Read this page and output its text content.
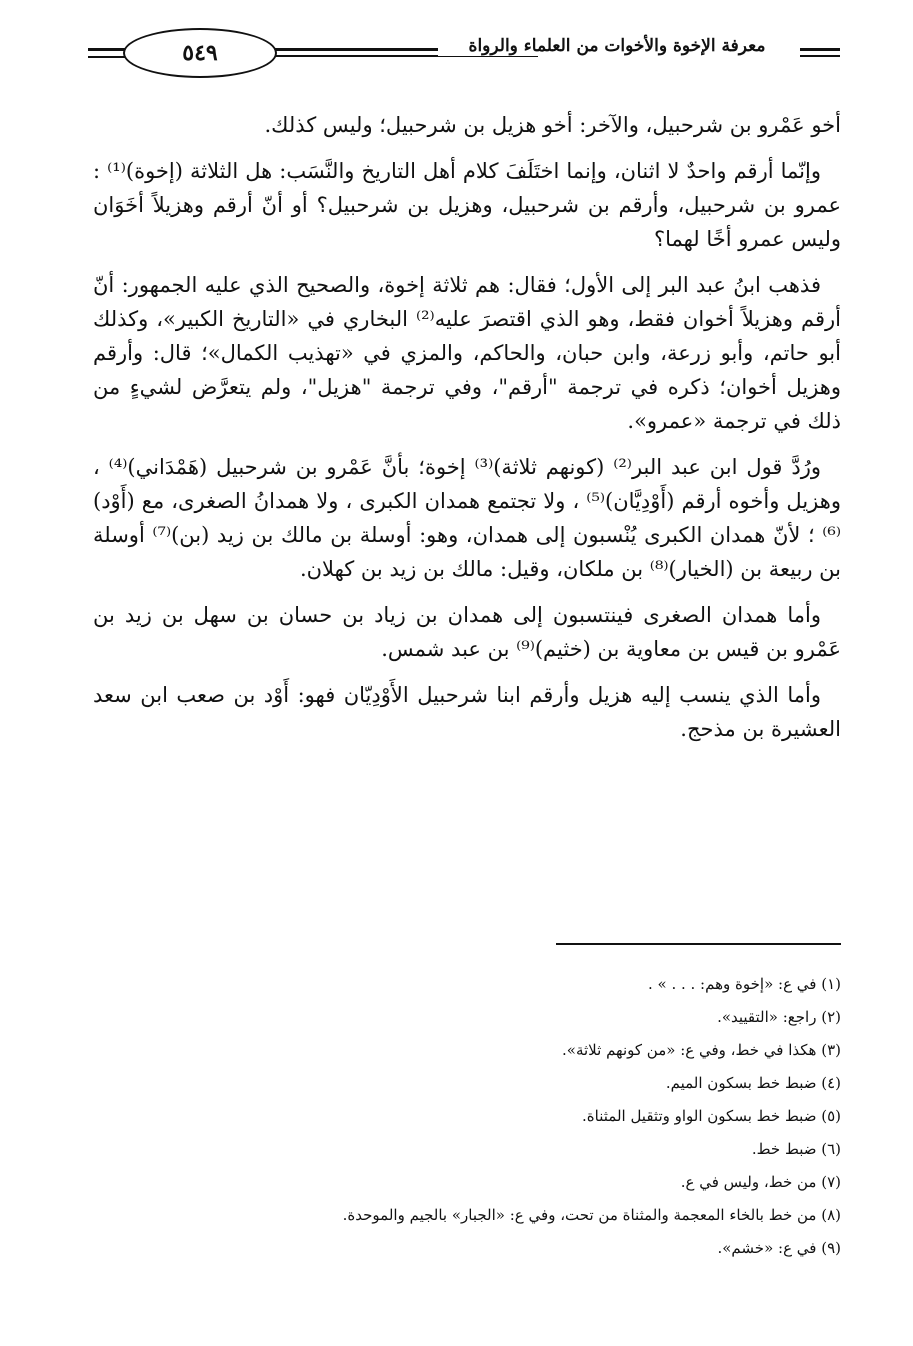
٥٤٩	معرفة الإخوة والأخوات من العلماء والرواة

أخو عَمْرو بن شرحبيل، والآخر: أخو هزيل بن شرحبيل؛ وليس كذلك.

وإنّما أرقم واحدٌ لا اثنان، وإنما اختَلَفَ كلام أهل التاريخ والنَّسَب: هل الثلاثة (إخوة)⁽¹⁾ : عمرو بن شرحبيل، وأرقم بن شرحبيل، وهزيل بن شرحبيل؟ أو أنّ أرقم وهزيلاً أخَوَان وليس عمرو أخًا لهما؟

فذهب ابنُ عبد البر إلى الأول؛ فقال: هم ثلاثة إخوة، والصحيح الذي عليه الجمهور: أنّ أرقم وهزيلاً أخوان فقط، وهو الذي اقتصرَ عليه⁽²⁾ البخاري في «التاريخ الكبير»، وكذلك أبو حاتم، وأبو زرعة، وابن حبان، والحاكم، والمزي في «تهذيب الكمال»؛ قال: وأرقم وهزيل أخوان؛ ذكره في ترجمة "أرقم"، وفي ترجمة "هزيل"، ولم يتعرَّض لشيءٍ من ذلك في ترجمة «عمرو».

ورُدَّ قول ابن عبد البر⁽²⁾ (كونهم ثلاثة)⁽³⁾ إخوة؛ بأنَّ عَمْرو بن شرحبيل (هَمْدَاني)⁽⁴⁾ ، وهزيل وأخوه أرقم (أَوْدِيَّان)⁽⁵⁾ ، ولا تجتمع همدان الكبرى ، ولا همدانُ الصغرى، مع (أَوْد)⁽⁶⁾ ؛ لأنّ همدان الكبرى يُنْسبون إلى همدان، وهو: أوسلة بن مالك بن زيد (بن)⁽⁷⁾ أوسلة بن ربيعة بن (الخيار)⁽⁸⁾ بن ملكان، وقيل: مالك بن زيد بن كهلان.

وأما همدان الصغرى فينتسبون إلى همدان بن زياد بن حسان بن سهل بن زيد بن عَمْرو بن قيس بن معاوية بن (خثيم)⁽⁹⁾ بن عبد شمس.

وأما الذي ينسب إليه هزيل وأرقم ابنا شرحبيل الأَوْدِيّان فهو: أَوْد بن صعب ابن سعد العشيرة بن مذحج.

(١) في ع: «إخوة وهم: . . . » .
(٢) راجع: «التقييد».
(٣) هكذا في خط، وفي ع: «من كونهم ثلاثة».
(٤) ضبط خط بسكون الميم.
(٥) ضبط خط بسكون الواو وتثقيل المثناة.
(٦) ضبط خط.
(٧) من خط، وليس في ع.
(٨) من خط بالخاء المعجمة والمثناة من تحت، وفي ع: «الجبار» بالجيم والموحدة.
(٩) في ع: «خشم».
